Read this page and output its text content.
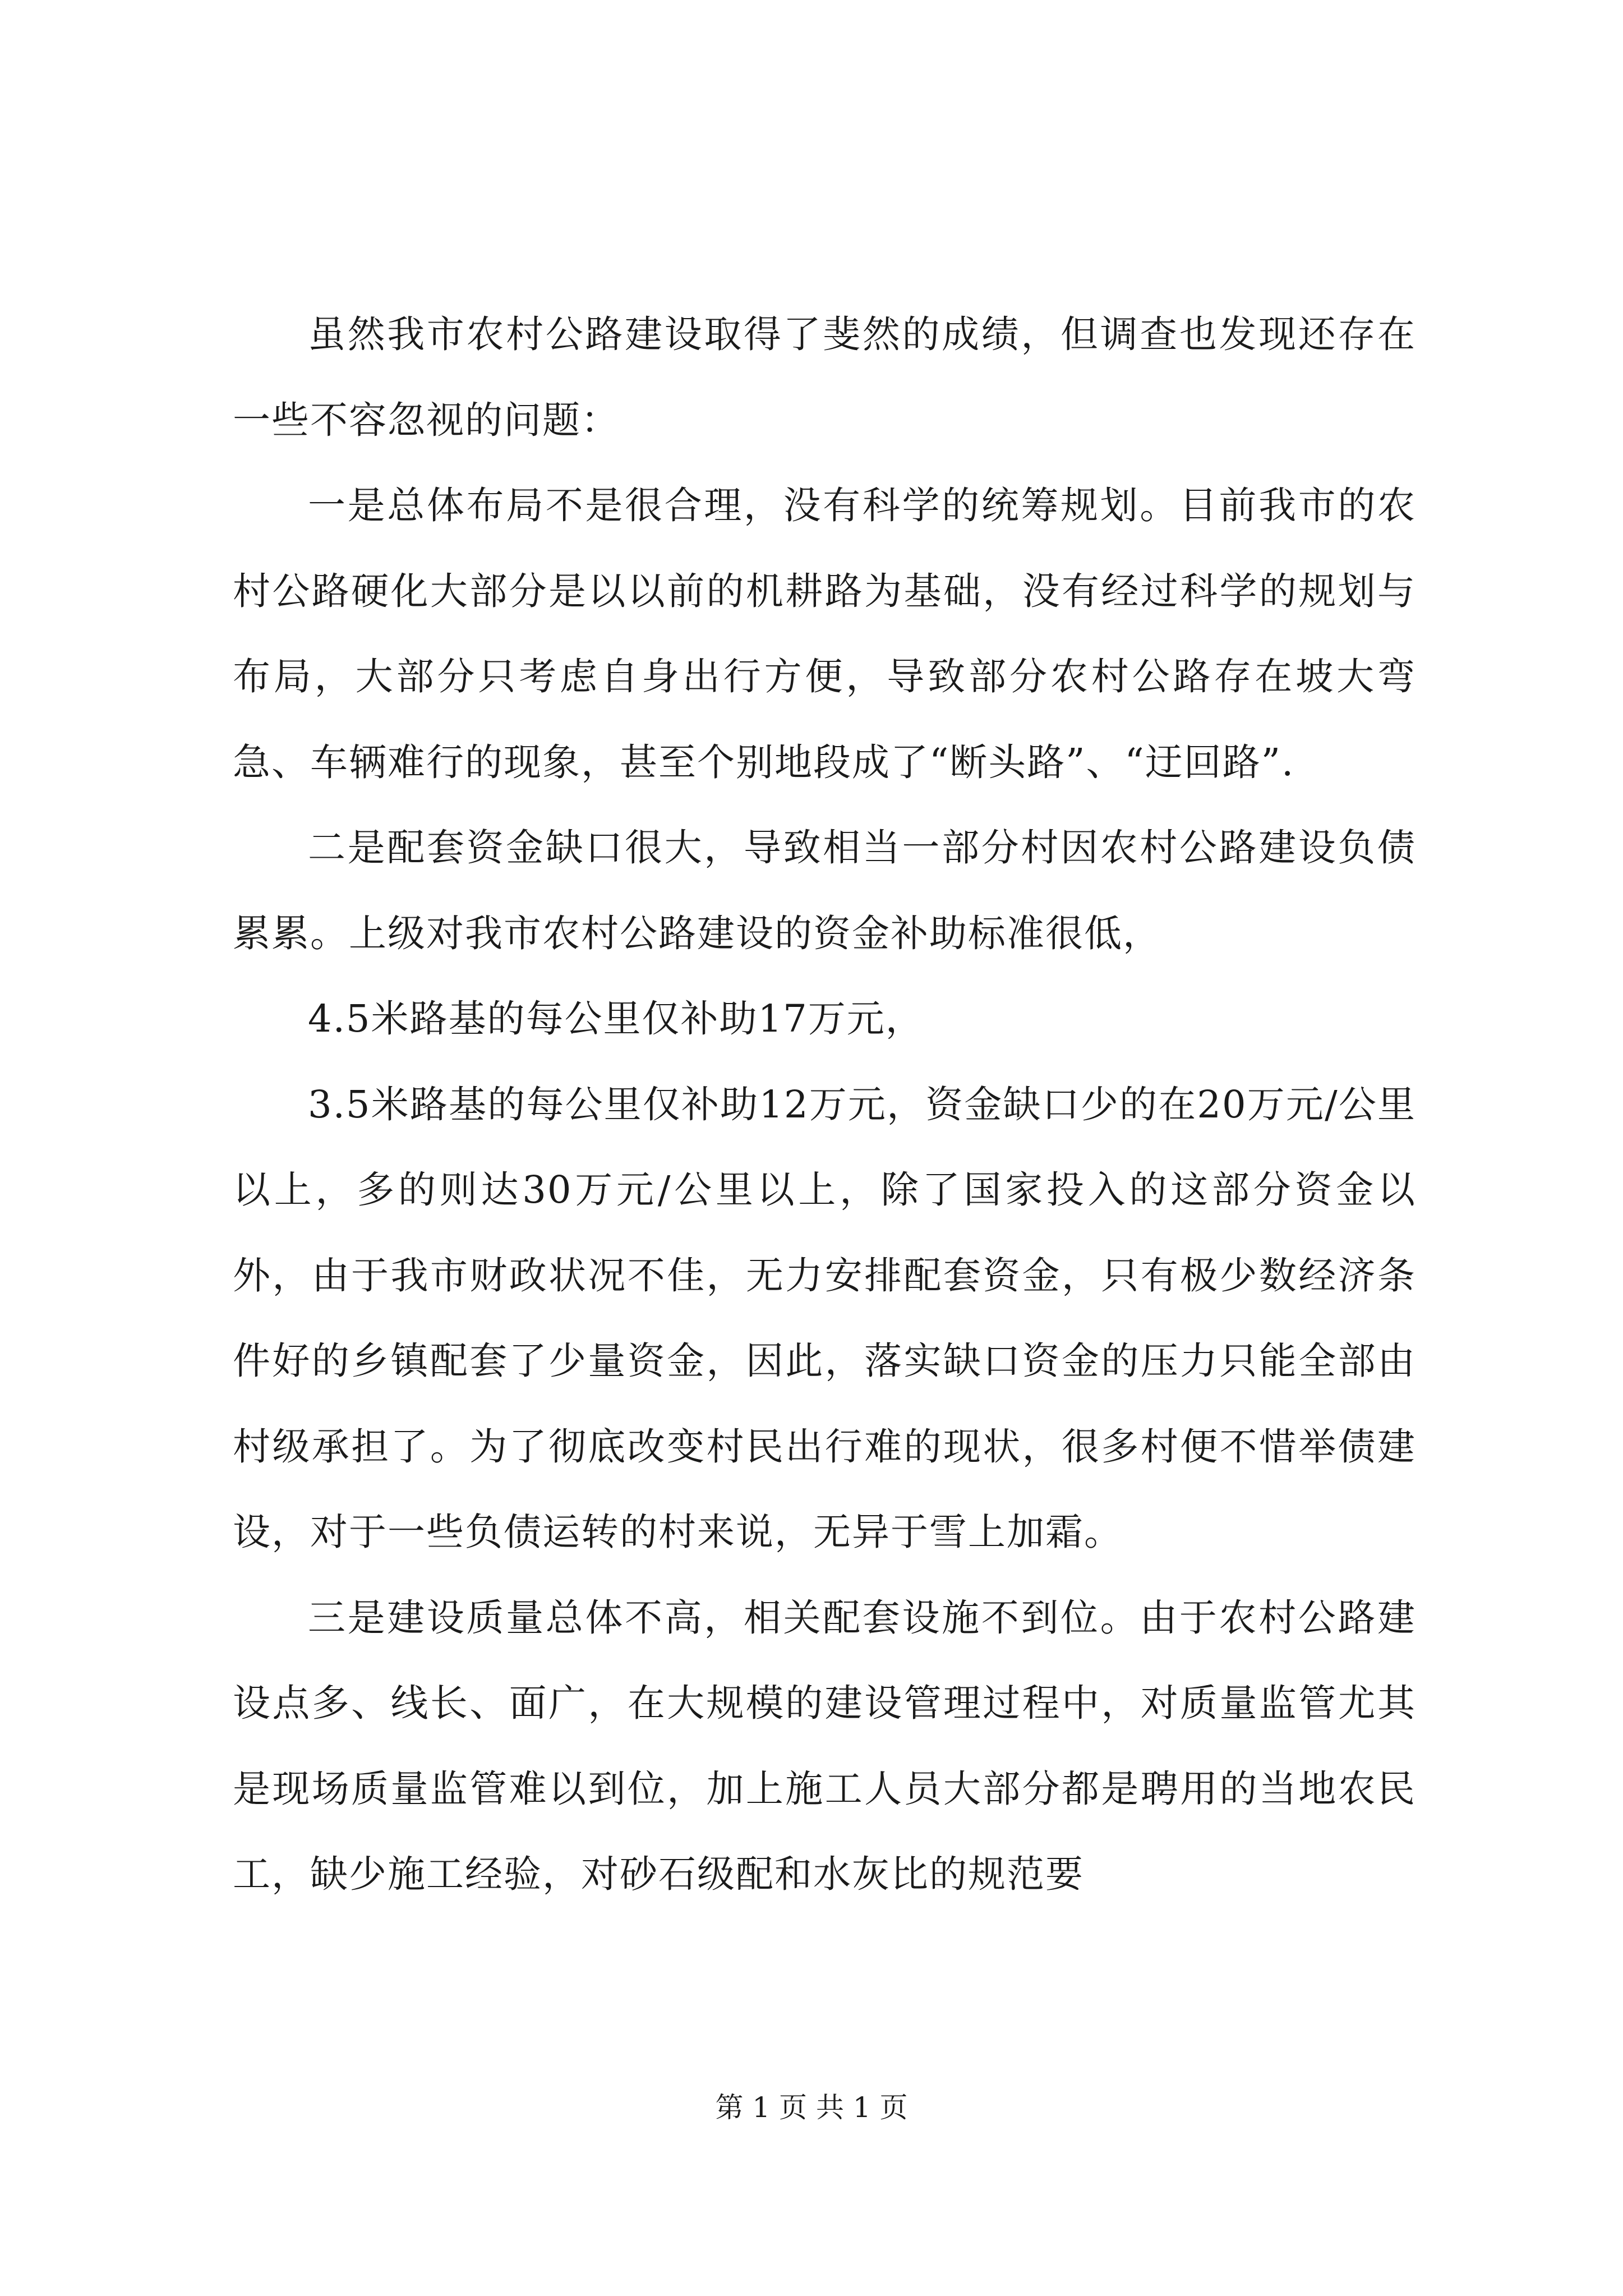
虽然我市农村公路建设取得了斐然的成绩，但调查也发现还存在一些不容忽视的问题：

一是总体布局不是很合理，没有科学的统筹规划。目前我市的农村公路硬化大部分是以以前的机耕路为基础，没有经过科学的规划与布局，大部分只考虑自身出行方便，导致部分农村公路存在坡大弯急、车辆难行的现象，甚至个别地段成了“断头路”、“迂回路”.

二是配套资金缺口很大，导致相当一部分村因农村公路建设负债累累。上级对我市农村公路建设的资金补助标准很低，

4.5米路基的每公里仅补助17万元，

3.5米路基的每公里仅补助12万元，资金缺口少的在20万元/公里以上，多的则达30万元/公里以上，除了国家投入的这部分资金以外，由于我市财政状况不佳，无力安排配套资金，只有极少数经济条件好的乡镇配套了少量资金，因此，落实缺口资金的压力只能全部由村级承担了。为了彻底改变村民出行难的现状，很多村便不惜举债建设，对于一些负债运转的村来说，无异于雪上加霜。

三是建设质量总体不高，相关配套设施不到位。由于农村公路建设点多、线长、面广，在大规模的建设管理过程中，对质量监管尤其是现场质量监管难以到位，加上施工人员大部分都是聘用的当地农民工，缺少施工经验，对砂石级配和水灰比的规范要

第 1 页 共 1 页
